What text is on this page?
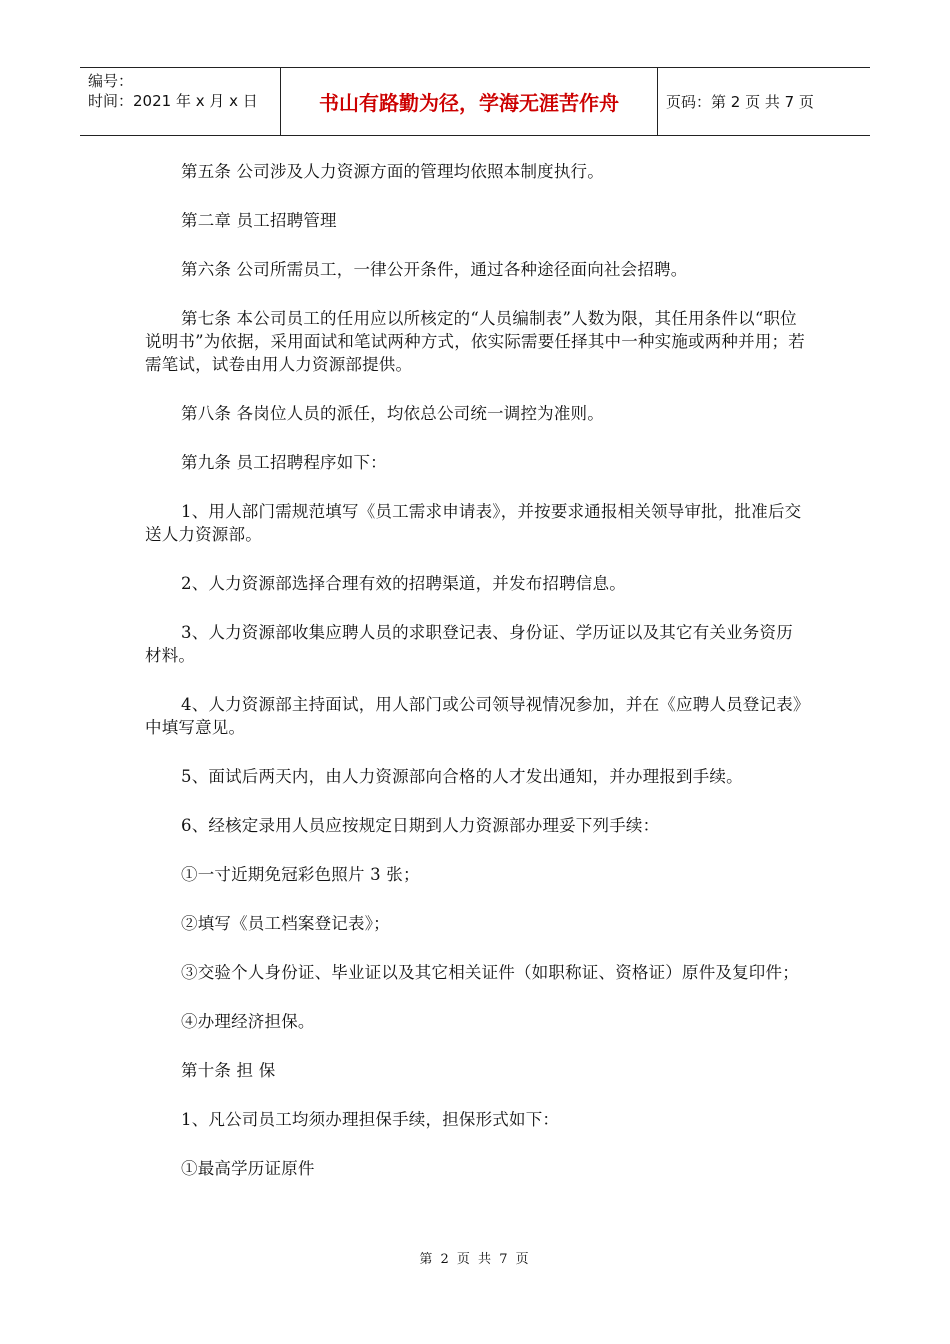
编号：
时间：2021 年 x 月 x 日	书山有路勤为径，学海无涯苦作舟	页码：第 2 页 共 7 页

第五条 公司涉及人力资源方面的管理均依照本制度执行。

第二章 员工招聘管理

第六条 公司所需员工，一律公开条件，通过各种途径面向社会招聘。

第七条 本公司员工的任用应以所核定的“人员编制表”人数为限，其任用条件以“职位说明书”为依据，采用面试和笔试两种方式，依实际需要任择其中一种实施或两种并用；若需笔试，试卷由用人力资源部提供。

第八条 各岗位人员的派任，均依总公司统一调控为准则。

第九条 员工招聘程序如下：

1、用人部门需规范填写《员工需求申请表》，并按要求通报相关领导审批，批准后交送人力资源部。

2、人力资源部选择合理有效的招聘渠道，并发布招聘信息。

3、人力资源部收集应聘人员的求职登记表、身份证、学历证以及其它有关业务资历材料。

4、人力资源部主持面试，用人部门或公司领导视情况参加，并在《应聘人员登记表》中填写意见。

5、面试后两天内，由人力资源部向合格的人才发出通知，并办理报到手续。

6、经核定录用人员应按规定日期到人力资源部办理妥下列手续：

①一寸近期免冠彩色照片 3 张；

②填写《员工档案登记表》；

③交验个人身份证、毕业证以及其它相关证件（如职称证、资格证）原件及复印件；

④办理经济担保。

第十条 担 保

1、凡公司员工均须办理担保手续，担保形式如下：

①最高学历证原件

第 2 页 共 7 页
